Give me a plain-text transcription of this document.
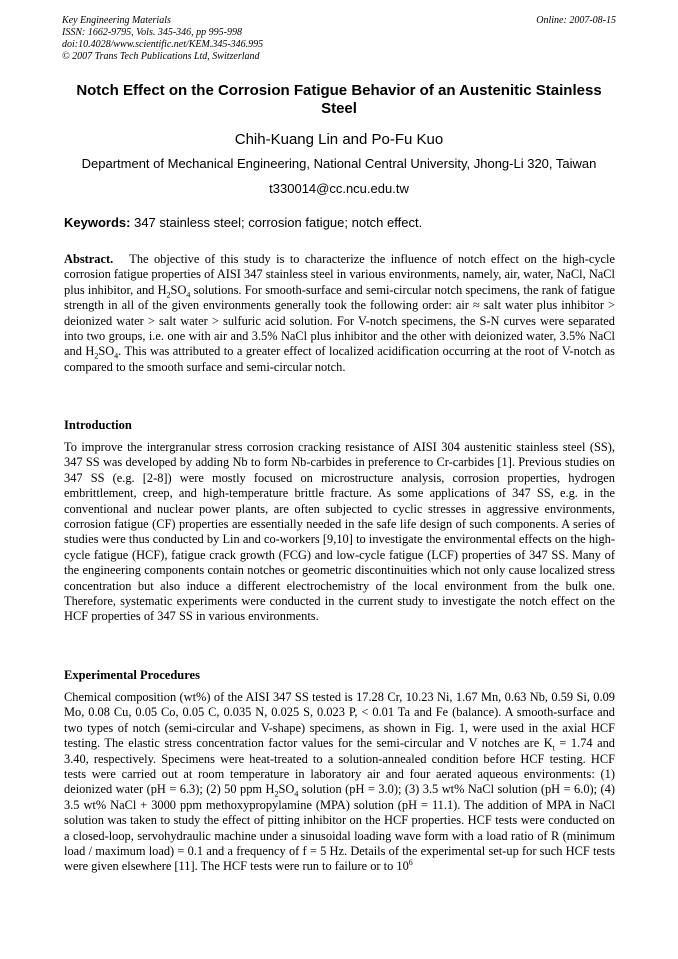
Key Engineering Materials
ISSN: 1662-9795, Vols. 345-346, pp 995-998
doi:10.4028/www.scientific.net/KEM.345-346.995
© 2007 Trans Tech Publications Ltd, Switzerland
Online: 2007-08-15
Notch Effect on the Corrosion Fatigue Behavior of an Austenitic Stainless Steel
Chih-Kuang Lin and Po-Fu Kuo
Department of Mechanical Engineering, National Central University, Jhong-Li 320, Taiwan
t330014@cc.ncu.edu.tw
Keywords: 347 stainless steel; corrosion fatigue; notch effect.
Abstract. The objective of this study is to characterize the influence of notch effect on the high-cycle corrosion fatigue properties of AISI 347 stainless steel in various environments, namely, air, water, NaCl, NaCl plus inhibitor, and $H_2SO_4$ solutions. For smooth-surface and semi-circular notch specimens, the rank of fatigue strength in all of the given environments generally took the following order: air ≈ salt water plus inhibitor > deionized water > salt water > sulfuric acid solution. For V-notch specimens, the S-N curves were separated into two groups, i.e. one with air and 3.5% NaCl plus inhibitor and the other with deionized water, 3.5% NaCl and $H_2SO_4$. This was attributed to a greater effect of localized acidification occurring at the root of V-notch as compared to the smooth surface and semi-circular notch.
Introduction
To improve the intergranular stress corrosion cracking resistance of AISI 304 austenitic stainless steel (SS), 347 SS was developed by adding Nb to form Nb-carbides in preference to Cr-carbides [1]. Previous studies on 347 SS (e.g. [2-8]) were mostly focused on microstructure analysis, corrosion properties, hydrogen embrittlement, creep, and high-temperature brittle fracture. As some applications of 347 SS, e.g. in the conventional and nuclear power plants, are often subjected to cyclic stresses in aggressive environments, corrosion fatigue (CF) properties are essentially needed in the safe life design of such components. A series of studies were thus conducted by Lin and co-workers [9,10] to investigate the environmental effects on the high-cycle fatigue (HCF), fatigue crack growth (FCG) and low-cycle fatigue (LCF) properties of 347 SS. Many of the engineering components contain notches or geometric discontinuities which not only cause localized stress concentration but also induce a different electrochemistry of the local environment from the bulk one. Therefore, systematic experiments were conducted in the current study to investigate the notch effect on the HCF properties of 347 SS in various environments.
Experimental Procedures
Chemical composition (wt%) of the AISI 347 SS tested is 17.28 Cr, 10.23 Ni, 1.67 Mn, 0.63 Nb, 0.59 Si, 0.09 Mo, 0.08 Cu, 0.05 Co, 0.05 C, 0.035 N, 0.025 S, 0.023 P, < 0.01 Ta and Fe (balance). A smooth-surface and two types of notch (semi-circular and V-shape) specimens, as shown in Fig. 1, were used in the axial HCF testing. The elastic stress concentration factor values for the semi-circular and V notches are $K_t = 1.74$ and 3.40, respectively. Specimens were heat-treated to a solution-annealed condition before HCF testing. HCF tests were carried out at room temperature in laboratory air and four aerated aqueous environments: (1) deionized water (pH = 6.3); (2) 50 ppm $H_2SO_4$ solution (pH = 3.0); (3) 3.5 wt% NaCl solution (pH = 6.0); (4) 3.5 wt% NaCl + 3000 ppm methoxypropylamine (MPA) solution (pH = 11.1). The addition of MPA in NaCl solution was taken to study the effect of pitting inhibitor on the HCF properties. HCF tests were conducted on a closed-loop, servohydraulic machine under a sinusoidal loading wave form with a load ratio of R (minimum load / maximum load) = 0.1 and a frequency of f = 5 Hz. Details of the experimental set-up for such HCF tests were given elsewhere [11]. The HCF tests were run to failure or to $10^6$
